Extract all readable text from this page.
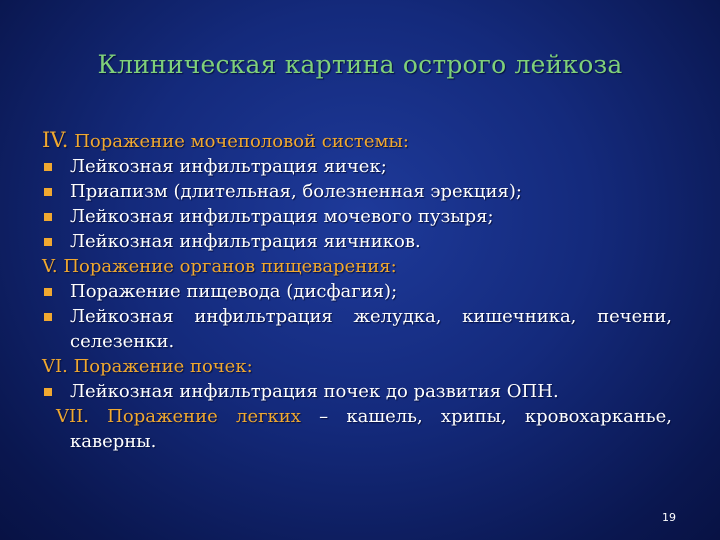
Клиническая картина острого лейкоза
IV. Поражение мочеполовой системы:
Лейкозная инфильтрация яичек;
Приапизм (длительная, болезненная эрекция);
Лейкозная инфильтрация мочевого пузыря;
Лейкозная инфильтрация яичников.
V. Поражение органов пищеварения:
Поражение пищевода (дисфагия);
Лейкозная инфильтрация желудка, кишечника, печени,
селезенки.
VI. Поражение почек:
Лейкозная инфильтрация почек до развития ОПН.
VII. Поражение легких – кашель, хрипы, кровохарканье,
каверны.
19
